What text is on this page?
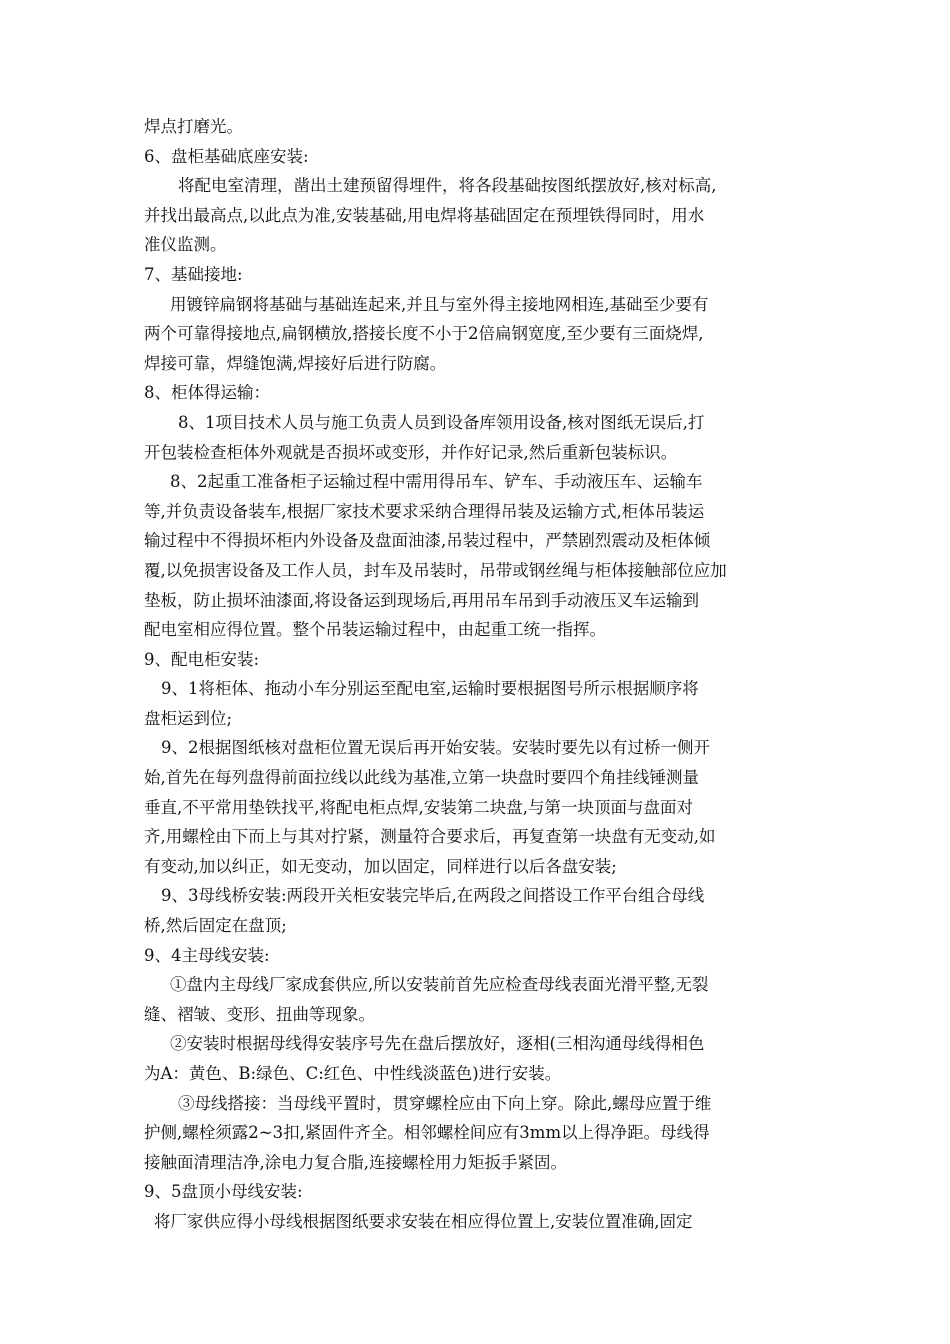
焊点打磨光。
6、盘柜基础底座安装:
将配电室清理，凿出土建预留得埋件，将各段基础按图纸摆放好,核对标高,
并找出最高点,以此点为准,安装基础,用电焊将基础固定在预埋铁得同时，用水
准仪监测。
7、基础接地:
用镀锌扁钢将基础与基础连起来,并且与室外得主接地网相连,基础至少要有
两个可靠得接地点,扁钢横放,搭接长度不小于2倍扁钢宽度,至少要有三面烧焊,
焊接可靠，焊缝饱满,焊接好后进行防腐。
8、柜体得运输：
8、1项目技术人员与施工负责人员到设备库领用设备,核对图纸无误后,打
开包装检查柜体外观就是否损坏或变形，并作好记录,然后重新包装标识。
8、2起重工准备柜子运输过程中需用得吊车、铲车、手动液压车、运输车
等,并负责设备装车,根据厂家技术要求采纳合理得吊装及运输方式,柜体吊装运
输过程中不得损坏柜内外设备及盘面油漆,吊装过程中，严禁剧烈震动及柜体倾
覆,以免损害设备及工作人员，封车及吊装时，吊带或钢丝绳与柜体接触部位应加
垫板，防止损坏油漆面,将设备运到现场后,再用吊车吊到手动液压叉车运输到
配电室相应得位置。整个吊装运输过程中，由起重工统一指挥。
9、配电柜安装:
9、1将柜体、拖动小车分别运至配电室,运输时要根据图号所示根据顺序将
盘柜运到位;
9、2根据图纸核对盘柜位置无误后再开始安装。安装时要先以有过桥一侧开
始,首先在每列盘得前面拉线以此线为基准,立第一块盘时要四个角挂线锤测量
垂直,不平常用垫铁找平,将配电柜点焊,安装第二块盘,与第一块顶面与盘面对
齐,用螺栓由下而上与其对拧紧，测量符合要求后，再复查第一块盘有无变动,如
有变动,加以纠正，如无变动，加以固定，同样进行以后各盘安装;
9、3母线桥安装:两段开关柜安装完毕后,在两段之间搭设工作平台组合母线
桥,然后固定在盘顶;
9、4主母线安装:
①盘内主母线厂家成套供应,所以安装前首先应检查母线表面光滑平整,无裂
缝、褶皱、变形、扭曲等现象。
②安装时根据母线得安装序号先在盘后摆放好，逐相(三相沟通母线得相色
为A：黄色、B:绿色、C:红色、中性线淡蓝色)进行安装。
③母线搭接：当母线平置时，贯穿螺栓应由下向上穿。除此,螺母应置于维
护侧,螺栓须露2~3扣,紧固件齐全。相邻螺栓间应有3mm以上得净距。母线得
接触面清理洁净,涂电力复合脂,连接螺栓用力矩扳手紧固。
9、5盘顶小母线安装:
将厂家供应得小母线根据图纸要求安装在相应得位置上,安装位置准确,固定
